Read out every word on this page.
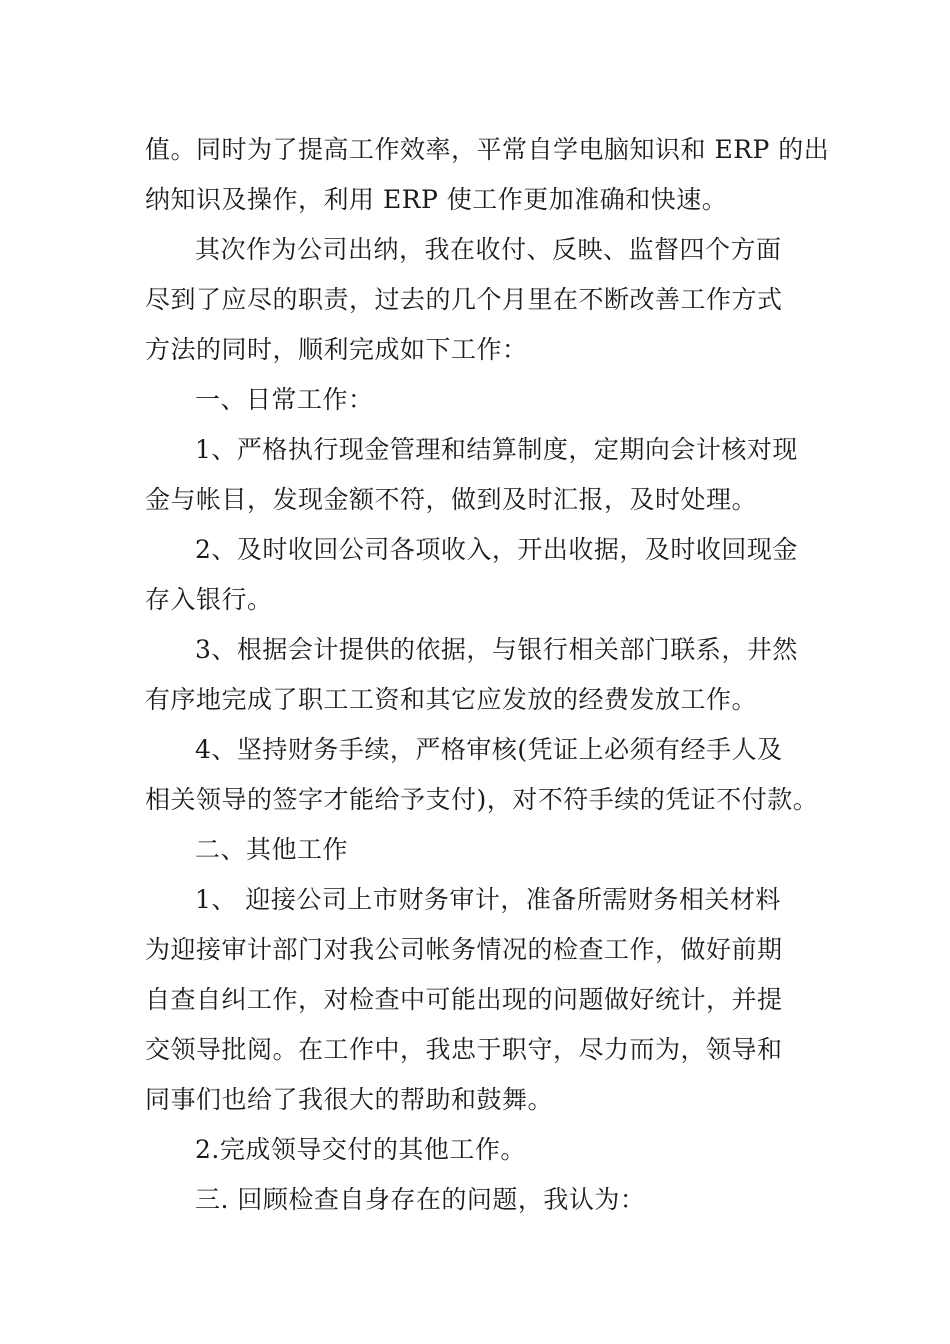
值。同时为了提高工作效率，平常自学电脑知识和 ERP 的出
纳知识及操作，利用 ERP 使工作更加准确和快速。
其次作为公司出纳，我在收付、反映、监督四个方面
尽到了应尽的职责，过去的几个月里在不断改善工作方式
方法的同时，顺利完成如下工作：
一、日常工作：
1、严格执行现金管理和结算制度，定期向会计核对现
金与帐目，发现金额不符，做到及时汇报，及时处理。
2、及时收回公司各项收入，开出收据，及时收回现金
存入银行。
3、根据会计提供的依据，与银行相关部门联系，井然
有序地完成了职工工资和其它应发放的经费发放工作。
4、坚持财务手续，严格审核(凭证上必须有经手人及
相关领导的签字才能给予支付)，对不符手续的凭证不付款。
二、其他工作
1、 迎接公司上市财务审计，准备所需财务相关材料
为迎接审计部门对我公司帐务情况的检查工作，做好前期
自查自纠工作，对检查中可能出现的问题做好统计，并提
交领导批阅。在工作中，我忠于职守，尽力而为，领导和
同事们也给了我很大的帮助和鼓舞。
2.完成领导交付的其他工作。
三. 回顾检查自身存在的问题，我认为：
